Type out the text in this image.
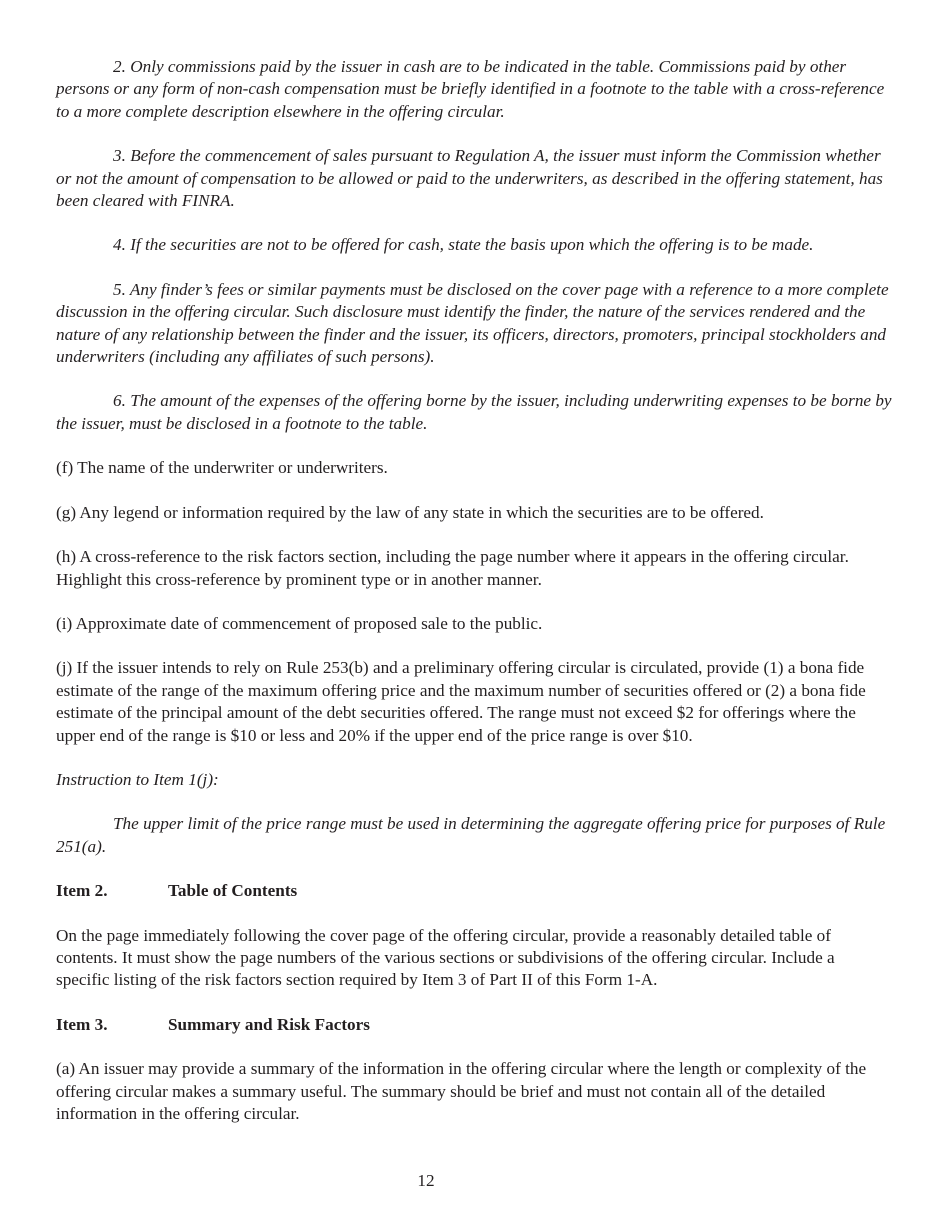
2. Only commissions paid by the issuer in cash are to be indicated in the table. Commissions paid by other persons or any form of non-cash compensation must be briefly identified in a footnote to the table with a cross-reference to a more complete description elsewhere in the offering circular.

3. Before the commencement of sales pursuant to Regulation A, the issuer must inform the Commission whether or not the amount of compensation to be allowed or paid to the underwriters, as described in the offering statement, has been cleared with FINRA.

4. If the securities are not to be offered for cash, state the basis upon which the offering is to be made.

5. Any finder’s fees or similar payments must be disclosed on the cover page with a reference to a more complete discussion in the offering circular. Such disclosure must identify the finder, the nature of the services rendered and the nature of any relationship between the finder and the issuer, its officers, directors, promoters, principal stockholders and underwriters (including any affiliates of such persons).

6. The amount of the expenses of the offering borne by the issuer, including underwriting expenses to be borne by the issuer, must be disclosed in a footnote to the table.

(f) The name of the underwriter or underwriters.

(g) Any legend or information required by the law of any state in which the securities are to be offered.

(h) A cross-reference to the risk factors section, including the page number where it appears in the offering circular. Highlight this cross-reference by prominent type or in another manner.

(i) Approximate date of commencement of proposed sale to the public.

(j) If the issuer intends to rely on Rule 253(b) and a preliminary offering circular is circulated, provide (1) a bona fide estimate of the range of the maximum offering price and the maximum number of securities offered or (2) a bona fide estimate of the principal amount of the debt securities offered. The range must not exceed $2 for offerings where the upper end of the range is $10 or less and 20% if the upper end of the price range is over $10.

Instruction to Item 1(j):

The upper limit of the price range must be used in determining the aggregate offering price for purposes of Rule 251(a).

Item 2.	Table of Contents

On the page immediately following the cover page of the offering circular, provide a reasonably detailed table of contents. It must show the page numbers of the various sections or subdivisions of the offering circular. Include a specific listing of the risk factors section required by Item 3 of Part II of this Form 1-A.

Item 3.	Summary and Risk Factors

(a) An issuer may provide a summary of the information in the offering circular where the length or complexity of the offering circular makes a summary useful. The summary should be brief and must not contain all of the detailed information in the offering circular.

12
